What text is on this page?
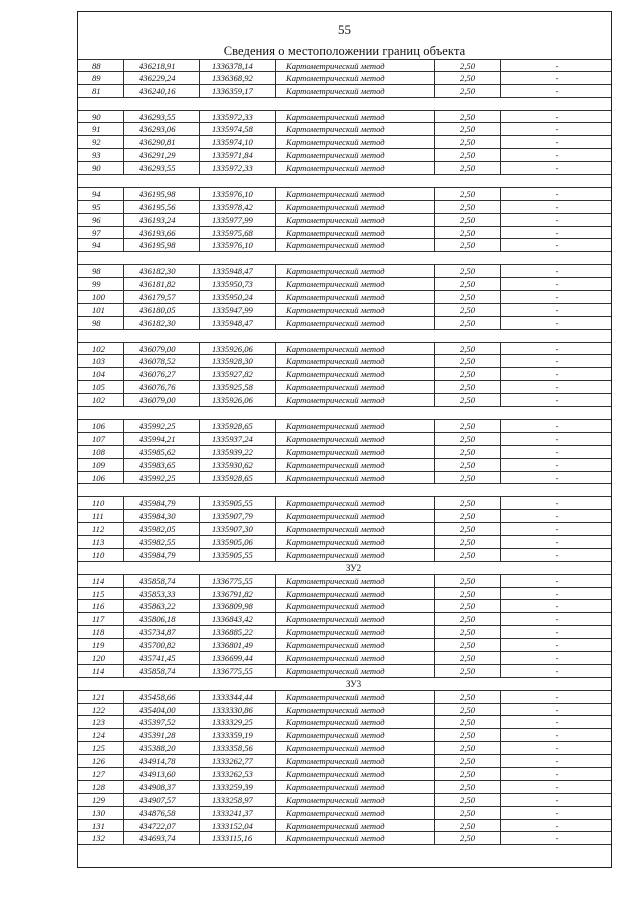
55
Сведения о местоположении границ объекта
88	436218,91	1336378,14	Картометрический метод	2,50	-
89	436229,24	1336368,92	Картометрический метод	2,50	-
81	436240,16	1336359,17	Картометрический метод	2,50	-
90	436293,55	1335972,33	Картометрический метод	2,50	-
91	436293,06	1335974,58	Картометрический метод	2,50	-
92	436290,81	1335974,10	Картометрический метод	2,50	-
93	436291,29	1335971,84	Картометрический метод	2,50	-
90	436293,55	1335972,33	Картометрический метод	2,50	-
94	436195,98	1335976,10	Картометрический метод	2,50	-
95	436195,56	1335978,42	Картометрический метод	2,50	-
96	436193,24	1335977,99	Картометрический метод	2,50	-
97	436193,66	1335975,68	Картометрический метод	2,50	-
94	436195,98	1335976,10	Картометрический метод	2,50	-
98	436182,30	1335948,47	Картометрический метод	2,50	-
99	436181,82	1335950,73	Картометрический метод	2,50	-
100	436179,57	1335950,24	Картометрический метод	2,50	-
101	436180,05	1335947,99	Картометрический метод	2,50	-
98	436182,30	1335948,47	Картометрический метод	2,50	-
102	436079,00	1335926,06	Картометрический метод	2,50	-
103	436078,52	1335928,30	Картометрический метод	2,50	-
104	436076,27	1335927,82	Картометрический метод	2,50	-
105	436076,76	1335925,58	Картометрический метод	2,50	-
102	436079,00	1335926,06	Картометрический метод	2,50	-
106	435992,25	1335928,65	Картометрический метод	2,50	-
107	435994,21	1335937,24	Картометрический метод	2,50	-
108	435985,62	1335939,22	Картометрический метод	2,50	-
109	435983,65	1335930,62	Картометрический метод	2,50	-
106	435992,25	1335928,65	Картометрический метод	2,50	-
110	435984,79	1335905,55	Картометрический метод	2,50	-
111	435984,30	1335907,79	Картометрический метод	2,50	-
112	435982,05	1335907,30	Картометрический метод	2,50	-
113	435982,55	1335905,06	Картометрический метод	2,50	-
110	435984,79	1335905,55	Картометрический метод	2,50	-
ЗУ2
114	435858,74	1336775,55	Картометрический метод	2,50	-
115	435853,33	1336791,82	Картометрический метод	2,50	-
116	435863,22	1336809,98	Картометрический метод	2,50	-
117	435806,18	1336843,42	Картометрический метод	2,50	-
118	435734,87	1336885,22	Картометрический метод	2,50	-
119	435700,82	1336801,49	Картометрический метод	2,50	-
120	435741,45	1336699,44	Картометрический метод	2,50	-
114	435858,74	1336775,55	Картометрический метод	2,50	-
ЗУ3
121	435458,66	1333344,44	Картометрический метод	2,50	-
122	435404,00	1333330,86	Картометрический метод	2,50	-
123	435397,52	1333329,25	Картометрический метод	2,50	-
124	435391,28	1333359,19	Картометрический метод	2,50	-
125	435388,20	1333358,56	Картометрический метод	2,50	-
126	434914,78	1333262,77	Картометрический метод	2,50	-
127	434913,60	1333262,53	Картометрический метод	2,50	-
128	434908,37	1333259,39	Картометрический метод	2,50	-
129	434907,57	1333258,97	Картометрический метод	2,50	-
130	434876,58	1333241,37	Картометрический метод	2,50	-
131	434722,07	1333152,04	Картометрический метод	2,50	-
132	434693,74	1333115,16	Картометрический метод	2,50	-
